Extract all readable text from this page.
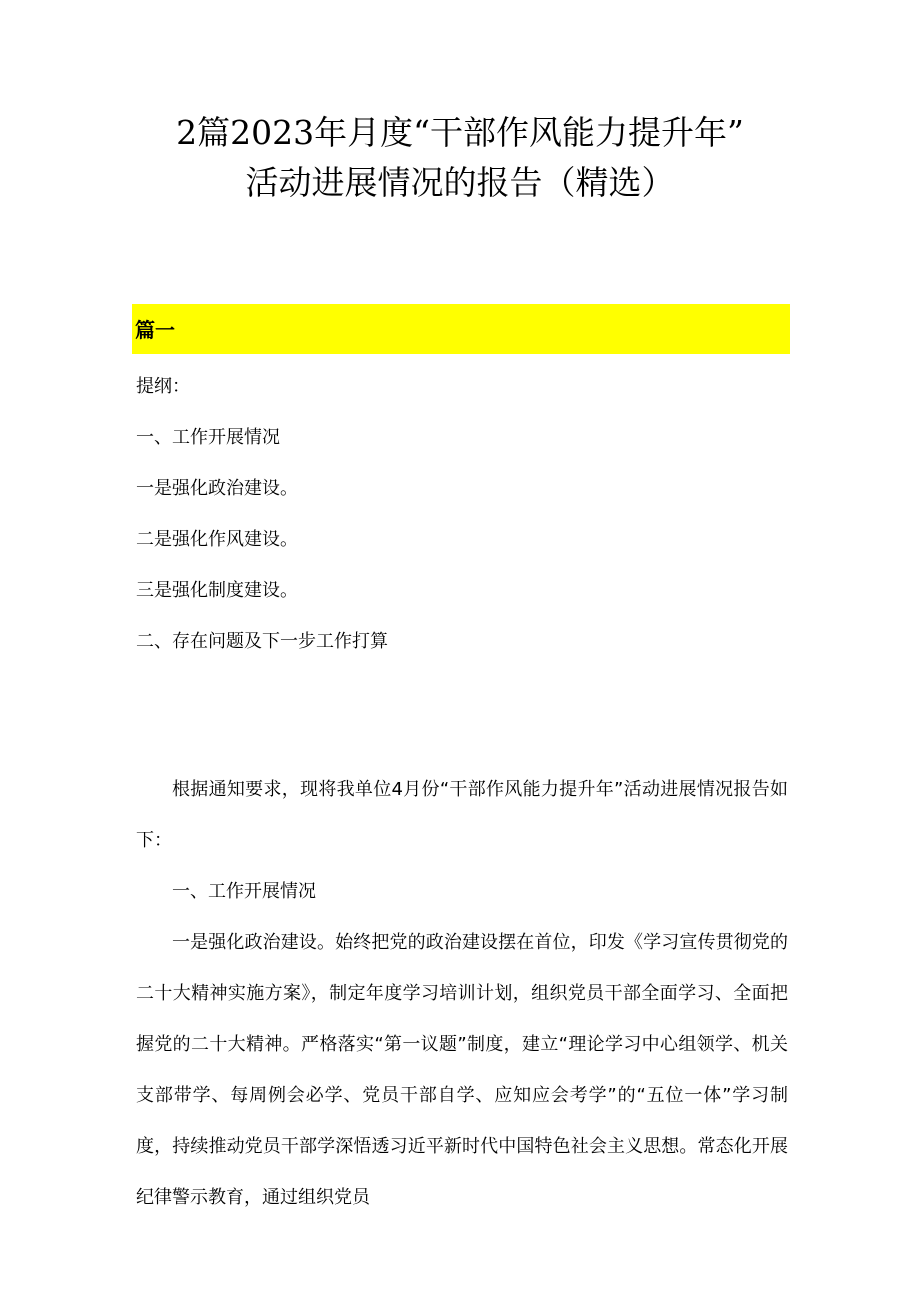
2篇2023年月度“干部作风能力提升年”
活动进展情况的报告（精选）
篇一
提纲：
一、工作开展情况
一是强化政治建设。
二是强化作风建设。
三是强化制度建设。
二、存在问题及下一步工作打算

根据通知要求，现将我单位4月份“干部作风能力提升年”活动进展情况报告如下：

一、工作开展情况

一是强化政治建设。始终把党的政治建设摆在首位，印发《学习宣传贯彻党的二十大精神实施方案》，制定年度学习培训计划，组织党员干部全面学习、全面把握党的二十大精神。严格落实“第一议题”制度，建立“理论学习中心组领学、机关支部带学、每周例会必学、党员干部自学、应知应会考学”的“五位一体”学习制度，持续推动党员干部学深悟透习近平新时代中国特色社会主义思想。常态化开展纪律警示教育，通过组织党员
